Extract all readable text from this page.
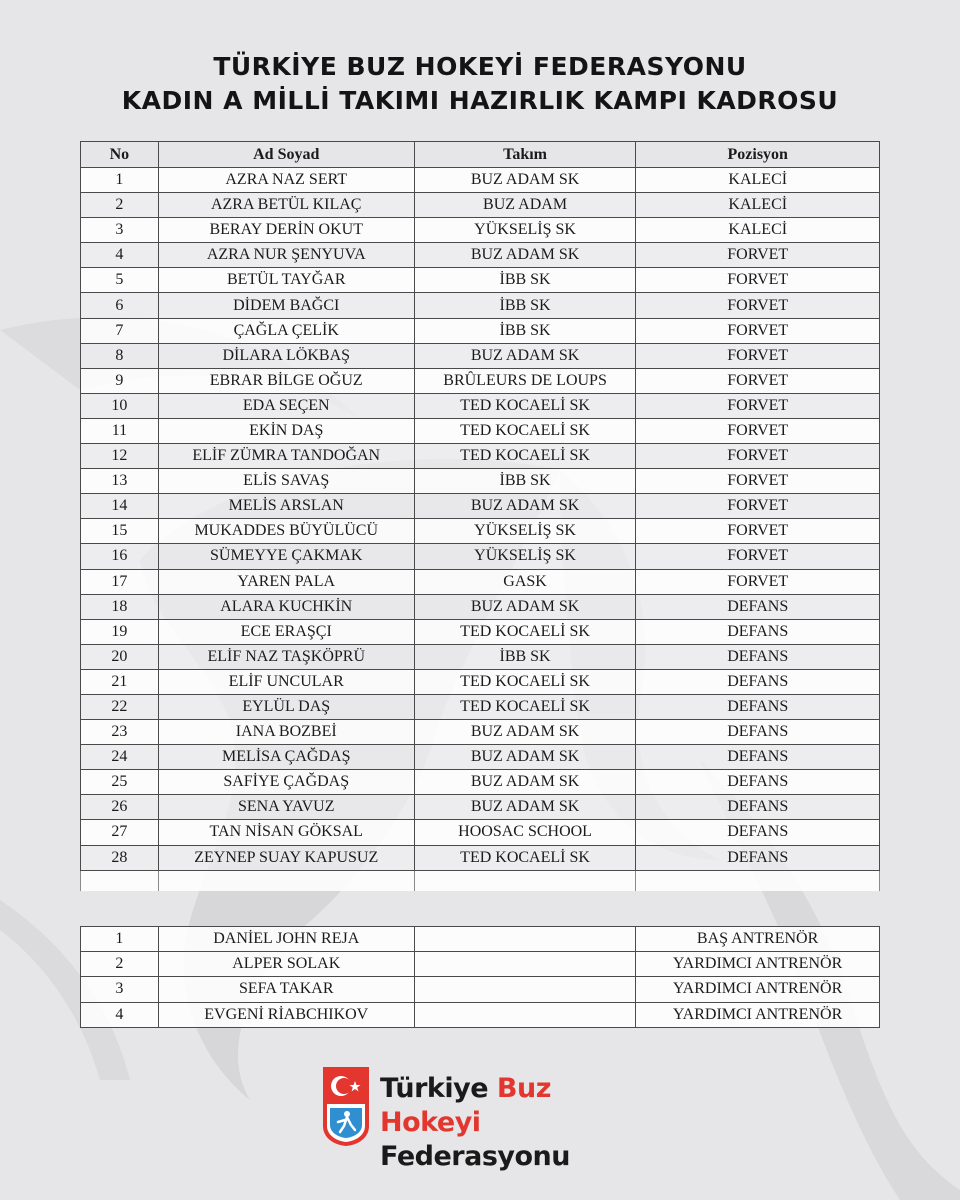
TÜRKİYE BUZ HOKEYİ FEDERASYONU
KADIN A MİLLİ TAKIMI HAZIRLIK KAMPI KADROSU
No	Ad Soyad	Takım	Pozisyon
1	AZRA NAZ SERT	BUZ ADAM SK	KALECİ
2	AZRA BETÜL KILAÇ	BUZ ADAM	KALECİ
3	BERAY DERİN OKUT	YÜKSELİŞ SK	KALECİ
4	AZRA NUR ŞENYUVA	BUZ ADAM SK	FORVET
5	BETÜL TAYĞAR	İBB SK	FORVET
6	DİDEM BAĞCI	İBB SK	FORVET
7	ÇAĞLA ÇELİK	İBB SK	FORVET
8	DİLARA LÖKBAŞ	BUZ ADAM SK	FORVET
9	EBRAR BİLGE OĞUZ	BRÛLEURS DE LOUPS	FORVET
10	EDA SEÇEN	TED KOCAELİ SK	FORVET
11	EKİN DAŞ	TED KOCAELİ SK	FORVET
12	ELİF ZÜMRA TANDOĞAN	TED KOCAELİ SK	FORVET
13	ELİS SAVAŞ	İBB SK	FORVET
14	MELİS ARSLAN	BUZ ADAM SK	FORVET
15	MUKADDES BÜYÜLÜCÜ	YÜKSELİŞ SK	FORVET
16	SÜMEYYE ÇAKMAK	YÜKSELİŞ SK	FORVET
17	YAREN PALA	GASK	FORVET
18	ALARA KUCHKİN	BUZ ADAM SK	DEFANS
19	ECE ERAŞÇI	TED KOCAELİ SK	DEFANS
20	ELİF NAZ TAŞKÖPRÜ	İBB SK	DEFANS
21	ELİF UNCULAR	TED KOCAELİ SK	DEFANS
22	EYLÜL DAŞ	TED KOCAELİ SK	DEFANS
23	IANA BOZBEİ	BUZ ADAM SK	DEFANS
24	MELİSA ÇAĞDAŞ	BUZ ADAM SK	DEFANS
25	SAFİYE ÇAĞDAŞ	BUZ ADAM SK	DEFANS
26	SENA YAVUZ	BUZ ADAM SK	DEFANS
27	TAN NİSAN GÖKSAL	HOOSAC SCHOOL	DEFANS
28	ZEYNEP SUAY KAPUSUZ	TED KOCAELİ SK	DEFANS

1	DANİEL JOHN REJA		BAŞ ANTRENÖR
2	ALPER SOLAK		YARDIMCI ANTRENÖR
3	SEFA TAKAR		YARDIMCI ANTRENÖR
4	EVGENİ RİABCHIKOV		YARDIMCI ANTRENÖR
Türkiye Buz Hokeyi
Federasyonu
